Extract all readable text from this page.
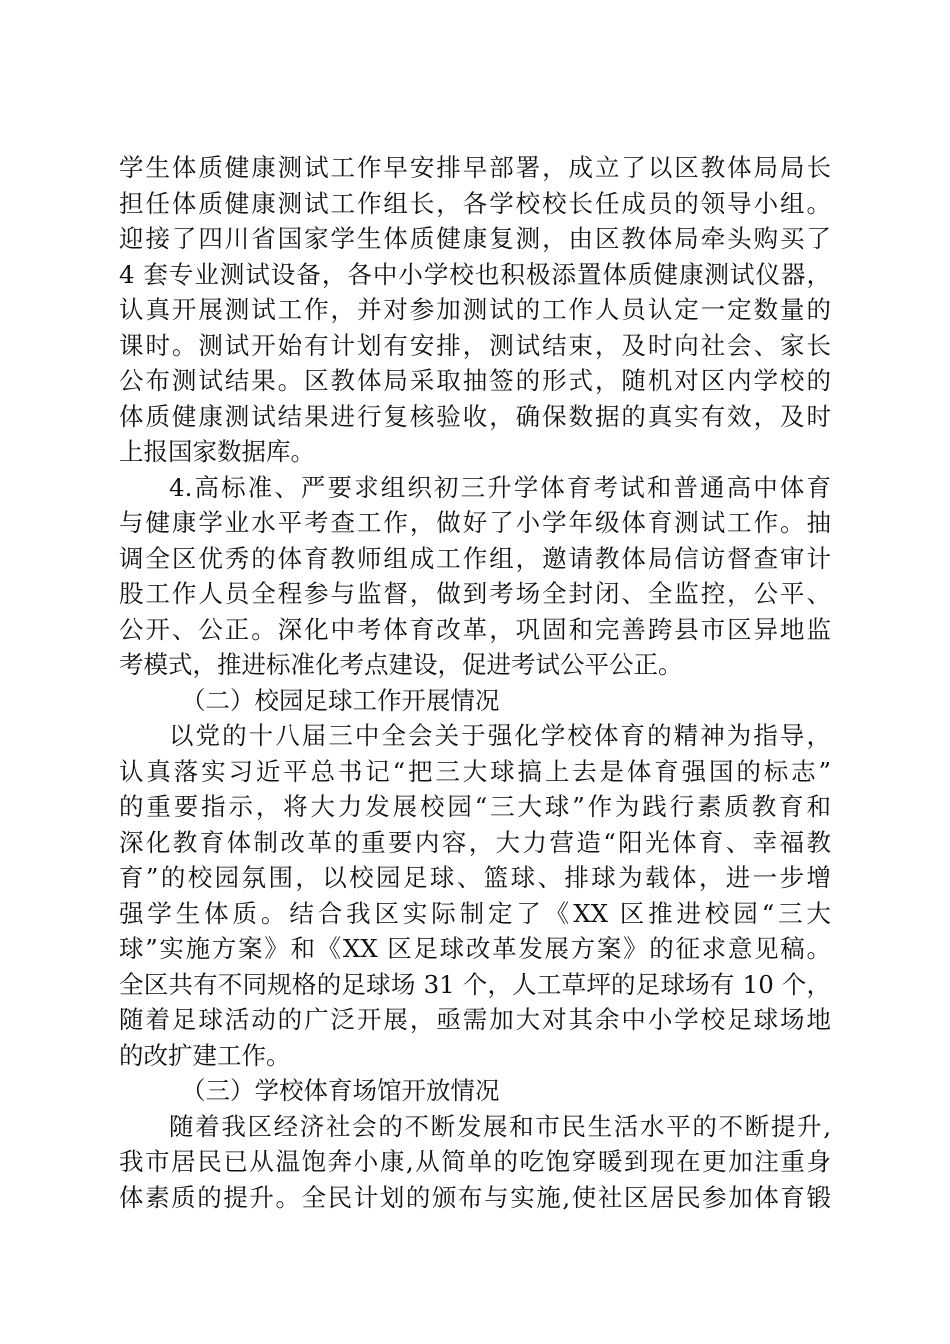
学生体质健康测试工作早安排早部署，成立了以区教体局局长
担任体质健康测试工作组长，各学校校长任成员的领导小组。
迎接了四川省国家学生体质健康复测，由区教体局牵头购买了
4 套专业测试设备，各中小学校也积极添置体质健康测试仪器，
认真开展测试工作，并对参加测试的工作人员认定一定数量的
课时。测试开始有计划有安排，测试结束，及时向社会、家长
公布测试结果。区教体局采取抽签的形式，随机对区内学校的
体质健康测试结果进行复核验收，确保数据的真实有效，及时
上报国家数据库。
4.高标准、严要求组织初三升学体育考试和普通高中体育
与健康学业水平考查工作，做好了小学年级体育测试工作。抽
调全区优秀的体育教师组成工作组，邀请教体局信访督查审计
股工作人员全程参与监督，做到考场全封闭、全监控，公平、
公开、公正。深化中考体育改革，巩固和完善跨县市区异地监
考模式，推进标准化考点建设，促进考试公平公正。
（二）校园足球工作开展情况
以党的十八届三中全会关于强化学校体育的精神为指导，
认真落实习近平总书记“把三大球搞上去是体育强国的标志”
的重要指示，将大力发展校园“三大球”作为践行素质教育和
深化教育体制改革的重要内容，大力营造“阳光体育、幸福教
育”的校园氛围，以校园足球、篮球、排球为载体，进一步增
强学生体质。结合我区实际制定了《XX 区推进校园“三大
球”实施方案》和《XX 区足球改革发展方案》的征求意见稿。
全区共有不同规格的足球场 31 个，人工草坪的足球场有 10 个，
随着足球活动的广泛开展，亟需加大对其余中小学校足球场地
的改扩建工作。
（三）学校体育场馆开放情况
随着我区经济社会的不断发展和市民生活水平的不断提升,
我市居民已从温饱奔小康,从简单的吃饱穿暖到现在更加注重身
体素质的提升。全民计划的颁布与实施,使社区居民参加体育锻
